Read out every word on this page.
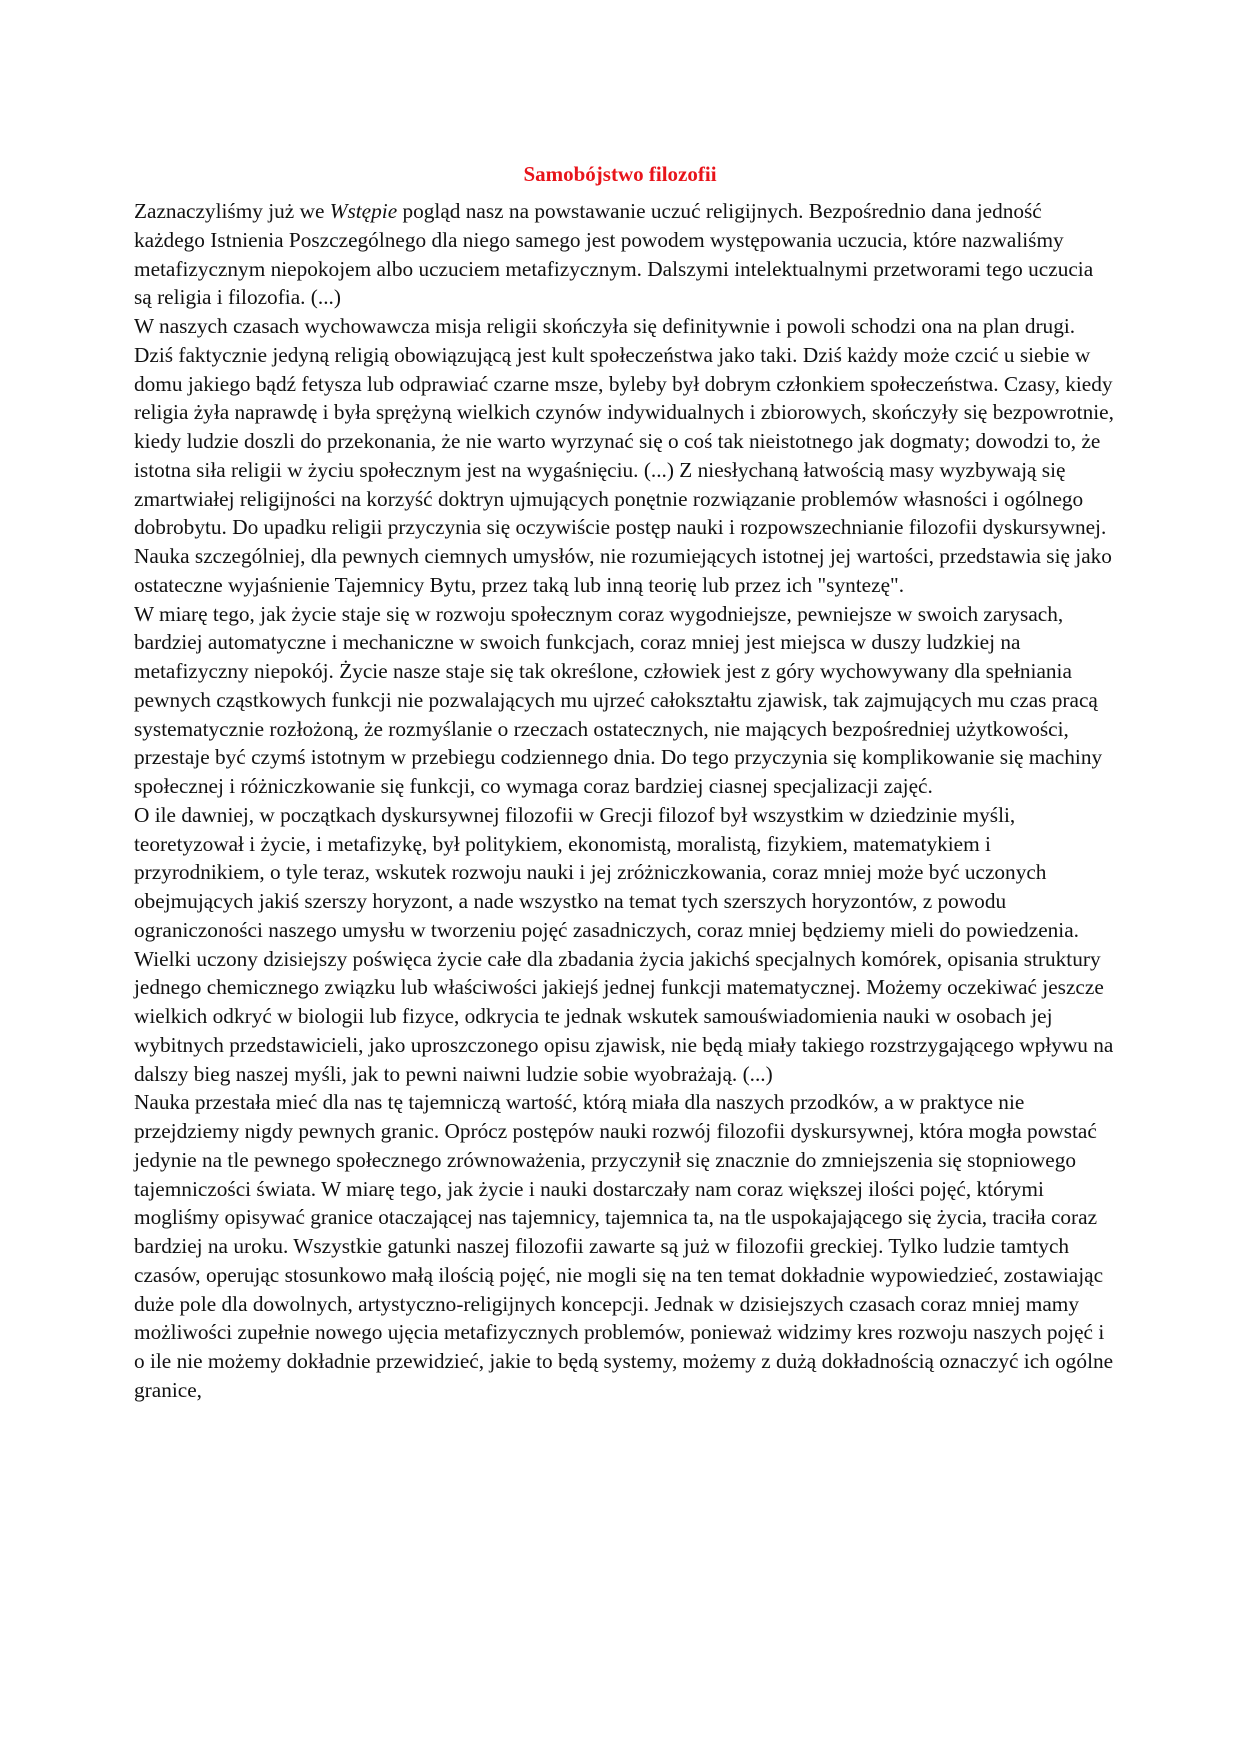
Samobójstwo filozofii

Zaznaczyliśmy już we Wstępie pogląd nasz na powstawanie uczuć religijnych. Bezpośrednio dana jedność każdego Istnienia Poszczególnego dla niego samego jest powodem występowania uczucia, które nazwaliśmy metafizycznym niepokojem albo uczuciem metafizycznym. Dalszymi intelektualnymi przetworami tego uczucia są religia i filozofia. (...)

W naszych czasach wychowawcza misja religii skończyła się definitywnie i powoli schodzi ona na plan drugi. Dziś faktycznie jedyną religią obowiązującą jest kult społeczeństwa jako taki. Dziś każdy może czcić u siebie w domu jakiego bądź fetysza lub odprawiać czarne msze, byleby był dobrym członkiem społeczeństwa. Czasy, kiedy religia żyła naprawdę i była sprężyną wielkich czynów indywidualnych i zbiorowych, skończyły się bezpowrotnie, kiedy ludzie doszli do przekonania, że nie warto wyrzynać się o coś tak nieistotnego jak dogmaty; dowodzi to, że istotna siła religii w życiu społecznym jest na wygaśnięciu. (...) Z niesłychaną łatwością masy wyzbywają się zmartwiałej religijności na korzyść doktryn ujmujących ponętnie rozwiązanie problemów własności i ogólnego dobrobytu. Do upadku religii przyczynia się oczywiście postęp nauki i rozpowszechnianie filozofii dyskursywnej. Nauka szczególniej, dla pewnych ciemnych umysłów, nie rozumiejących istotnej jej wartości, przedstawia się jako ostateczne wyjaśnienie Tajemnicy Bytu, przez taką lub inną teorię lub przez ich "syntezę".

W miarę tego, jak życie staje się w rozwoju społecznym coraz wygodniejsze, pewniejsze w swoich zarysach, bardziej automatyczne i mechaniczne w swoich funkcjach, coraz mniej jest miejsca w duszy ludzkiej na metafizyczny niepokój. Życie nasze staje się tak określone, człowiek jest z góry wychowywany dla spełniania pewnych cząstkowych funkcji nie pozwalających mu ujrzeć całokształtu zjawisk, tak zajmujących mu czas pracą systematycznie rozłożoną, że rozmyślanie o rzeczach ostatecznych, nie mających bezpośredniej użytkowości, przestaje być czymś istotnym w przebiegu codziennego dnia. Do tego przyczynia się komplikowanie się machiny społecznej i różniczkowanie się funkcji, co wymaga coraz bardziej ciasnej specjalizacji zajęć.

O ile dawniej, w początkach dyskursywnej filozofii w Grecji filozof był wszystkim w dziedzinie myśli, teoretyzował i życie, i metafizykę, był politykiem, ekonomistą, moralistą, fizykiem, matematykiem i przyrodnikiem, o tyle teraz, wskutek rozwoju nauki i jej zróżniczkowania, coraz mniej może być uczonych obejmujących jakiś szerszy horyzont, a nade wszystko na temat tych szerszych horyzontów, z powodu ograniczoności naszego umysłu w tworzeniu pojęć zasadniczych, coraz mniej będziemy mieli do powiedzenia. Wielki uczony dzisiejszy poświęca życie całe dla zbadania życia jakichś specjalnych komórek, opisania struktury jednego chemicznego związku lub właściwości jakiejś jednej funkcji matematycznej. Możemy oczekiwać jeszcze wielkich odkryć w biologii lub fizyce, odkrycia te jednak wskutek samouświadomienia nauki w osobach jej wybitnych przedstawicieli, jako uproszczonego opisu zjawisk, nie będą miały takiego rozstrzygającego wpływu na dalszy bieg naszej myśli, jak to pewni naiwni ludzie sobie wyobrażają. (...)

Nauka przestała mieć dla nas tę tajemniczą wartość, którą miała dla naszych przodków, a w praktyce nie przejdziemy nigdy pewnych granic. Oprócz postępów nauki rozwój filozofii dyskursywnej, która mogła powstać jedynie na tle pewnego społecznego zrównoważenia, przyczynił się znacznie do zmniejszenia się stopniowego tajemniczości świata. W miarę tego, jak życie i nauki dostarczały nam coraz większej ilości pojęć, którymi mogliśmy opisywać granice otaczającej nas tajemnicy, tajemnica ta, na tle uspokajającego się życia, traciła coraz bardziej na uroku. Wszystkie gatunki naszej filozofii zawarte są już w filozofii greckiej. Tylko ludzie tamtych czasów, operując stosunkowo małą ilością pojęć, nie mogli się na ten temat dokładnie wypowiedzieć, zostawiając duże pole dla dowolnych, artystyczno-religijnych koncepcji. Jednak w dzisiejszych czasach coraz mniej mamy możliwości zupełnie nowego ujęcia metafizycznych problemów, ponieważ widzimy kres rozwoju naszych pojęć i o ile nie możemy dokładnie przewidzieć, jakie to będą systemy, możemy z dużą dokładnością oznaczyć ich ogólne granice,
